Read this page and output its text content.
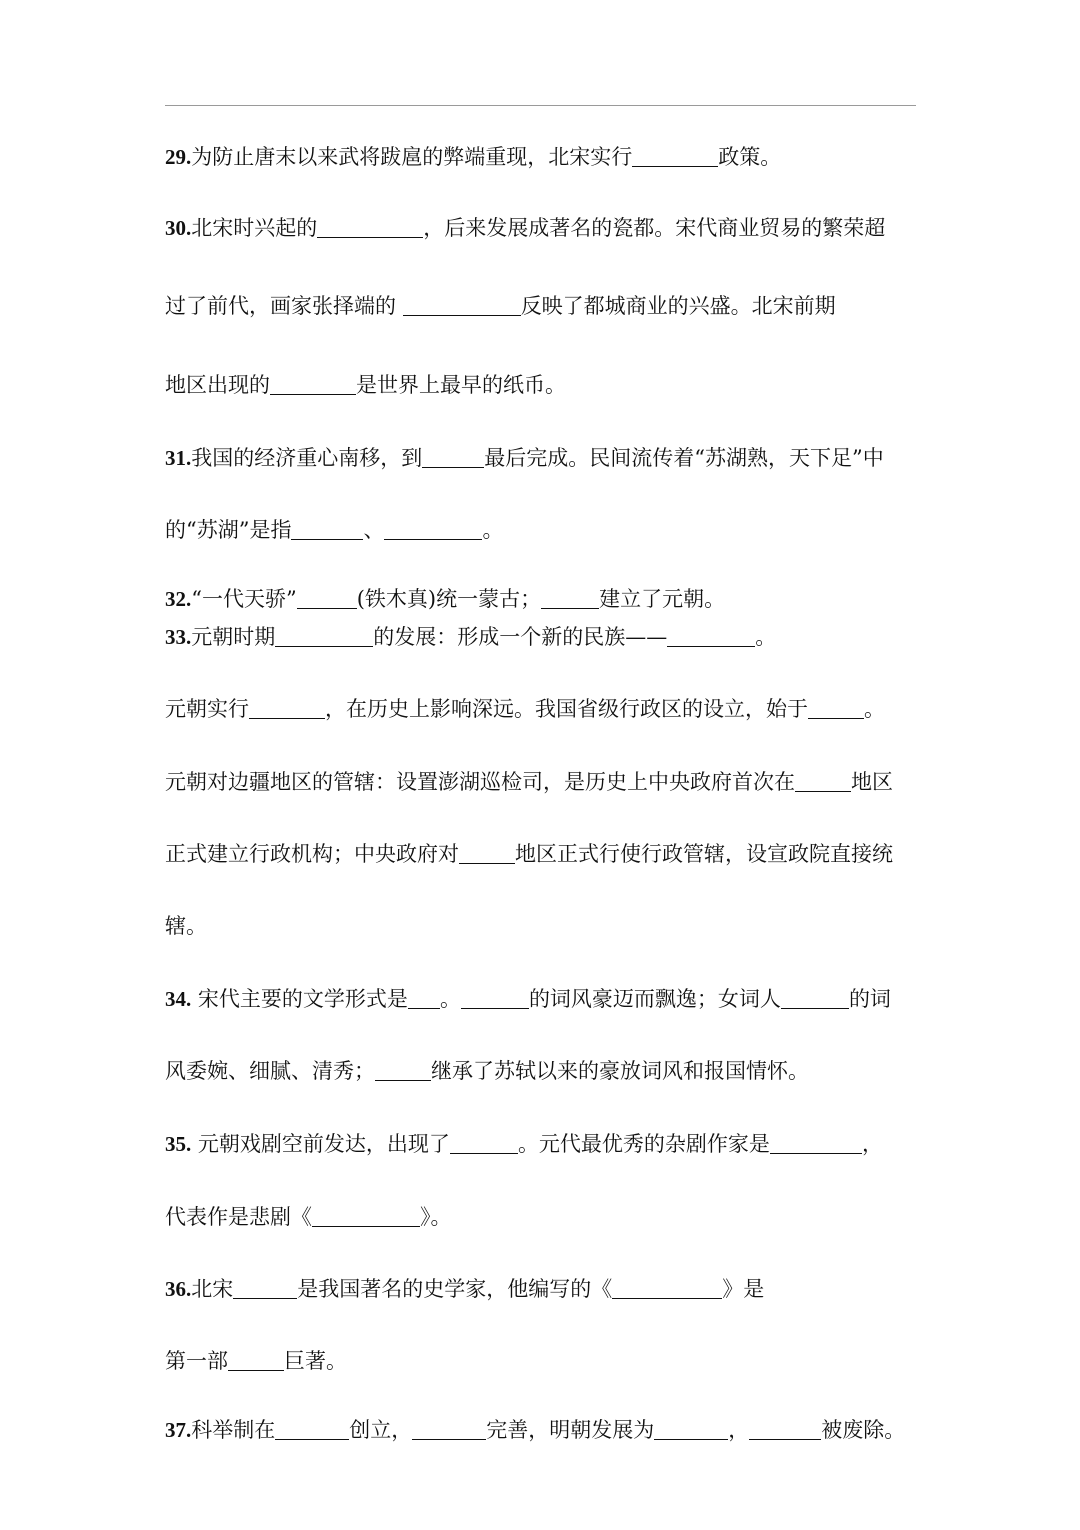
29.为防止唐末以来武将跋扈的弊端重现，北宋实行	政策。
30.北宋时兴起的	，后来发展成著名的瓷都。宋代商业贸易的繁荣超
过了前代，画家张择端的	反映了都城商业的兴盛。北宋前期
地区出现的	是世界上最早的纸币。
31.我国的经济重心南移，到	最后完成。民间流传着“苏湖熟，天下足”中
的“苏湖”是指	、	。
32.“一代天骄”	(铁木真)统一蒙古；	建立了元朝。
33.元朝时期	的发展：形成一个新的民族——	。
元朝实行	，在历史上影响深远。我国省级行政区的设立，始于	。
元朝对边疆地区的管辖：设置澎湖巡检司，是历史上中央政府首次在	地区
正式建立行政机构；中央政府对	地区正式行使行政管辖，设宣政院直接统
辖。
34. 宋代主要的文学形式是 。	的词风豪迈而飘逸；女词人	的词
风委婉、细腻、清秀；	继承了苏轼以来的豪放词风和报国情怀。
35. 元朝戏剧空前发达，出现了	。元代最优秀的杂剧作家是	，
代表作是悲剧《	》。
36.北宋	是我国著名的史学家，他编写的《	》是
第一部	巨著。
37.科举制在	创立，	完善，明朝发展为	，	被废除。
